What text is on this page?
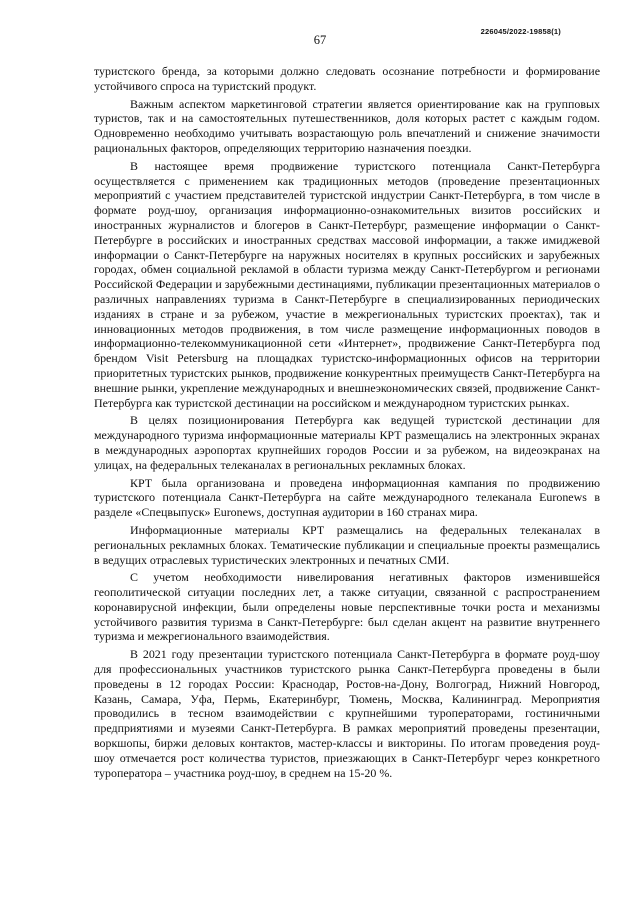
226045/2022-19858(1)
67

туристского бренда, за которыми должно следовать осознание потребности и формирование устойчивого спроса на туристский продукт.

Важным аспектом маркетинговой стратегии является ориентирование как на групповых туристов, так и на самостоятельных путешественников, доля которых растет с каждым годом. Одновременно необходимо учитывать возрастающую роль впечатлений и снижение значимости рациональных факторов, определяющих территорию назначения поездки.

В настоящее время продвижение туристского потенциала Санкт-Петербурга осуществляется с применением как традиционных методов (проведение презентационных мероприятий с участием представителей туристской индустрии Санкт-Петербурга, в том числе в формате роуд-шоу, организация информационно-ознакомительных визитов российских и иностранных журналистов и блогеров в Санкт-Петербург, размещение информации о Санкт-Петербурге в российских и иностранных средствах массовой информации, а также имиджевой информации о Санкт-Петербурге на наружных носителях в крупных российских и зарубежных городах, обмен социальной рекламой в области туризма между Санкт-Петербургом и регионами Российской Федерации и зарубежными дестинациями, публикации презентационных материалов о различных направлениях туризма в Санкт-Петербурге в специализированных периодических изданиях в стране и за рубежом, участие в межрегиональных туристских проектах), так и инновационных методов продвижения, в том числе размещение информационных поводов в информационно-телекоммуникационной сети «Интернет», продвижение Санкт-Петербурга под брендом Visit Petersburg на площадках туристско-информационных офисов на территории приоритетных туристских рынков, продвижение конкурентных преимуществ Санкт-Петербурга на внешние рынки, укрепление международных и внешнеэкономических связей, продвижение Санкт-Петербурга как туристской дестинации на российском и международном туристских рынках.

В целях позиционирования Петербурга как ведущей туристской дестинации для международного туризма информационные материалы КРТ размещались на электронных экранах в международных аэропортах крупнейших городов России и за рубежом, на видеоэкранах на улицах, на федеральных телеканалах в региональных рекламных блоках.

КРТ была организована и проведена информационная кампания по продвижению туристского потенциала Санкт-Петербурга на сайте международного телеканала Euronews в разделе «Спецвыпуск» Euronews, доступная аудитории в 160 странах мира.

Информационные материалы КРТ размещались на федеральных телеканалах в региональных рекламных блоках. Тематические публикации и специальные проекты размещались в ведущих отраслевых туристических электронных и печатных СМИ.

С учетом необходимости нивелирования негативных факторов изменившейся геополитической ситуации последних лет, а также ситуации, связанной с распространением коронавирусной инфекции, были определены новые перспективные точки роста и механизмы устойчивого развития туризма в Санкт-Петербурге: был сделан акцент на развитие внутреннего туризма и межрегионального взаимодействия.

В 2021 году презентации туристского потенциала Санкт-Петербурга в формате роуд-шоу для профессиональных участников туристского рынка Санкт-Петербурга проведены в были проведены в 12 городах России: Краснодар, Ростов-на-Дону, Волгоград, Нижний Новгород, Казань, Самара, Уфа, Пермь, Екатеринбург, Тюмень, Москва, Калининград. Мероприятия проводились в тесном взаимодействии с крупнейшими туроператорами, гостиничными предприятиями и музеями Санкт-Петербурга. В рамках мероприятий проведены презентации, воркшопы, биржи деловых контактов, мастер-классы и викторины. По итогам проведения роуд-шоу отмечается рост количества туристов, приезжающих в Санкт-Петербург через конкретного туроператора – участника роуд-шоу, в среднем на 15-20 %.
